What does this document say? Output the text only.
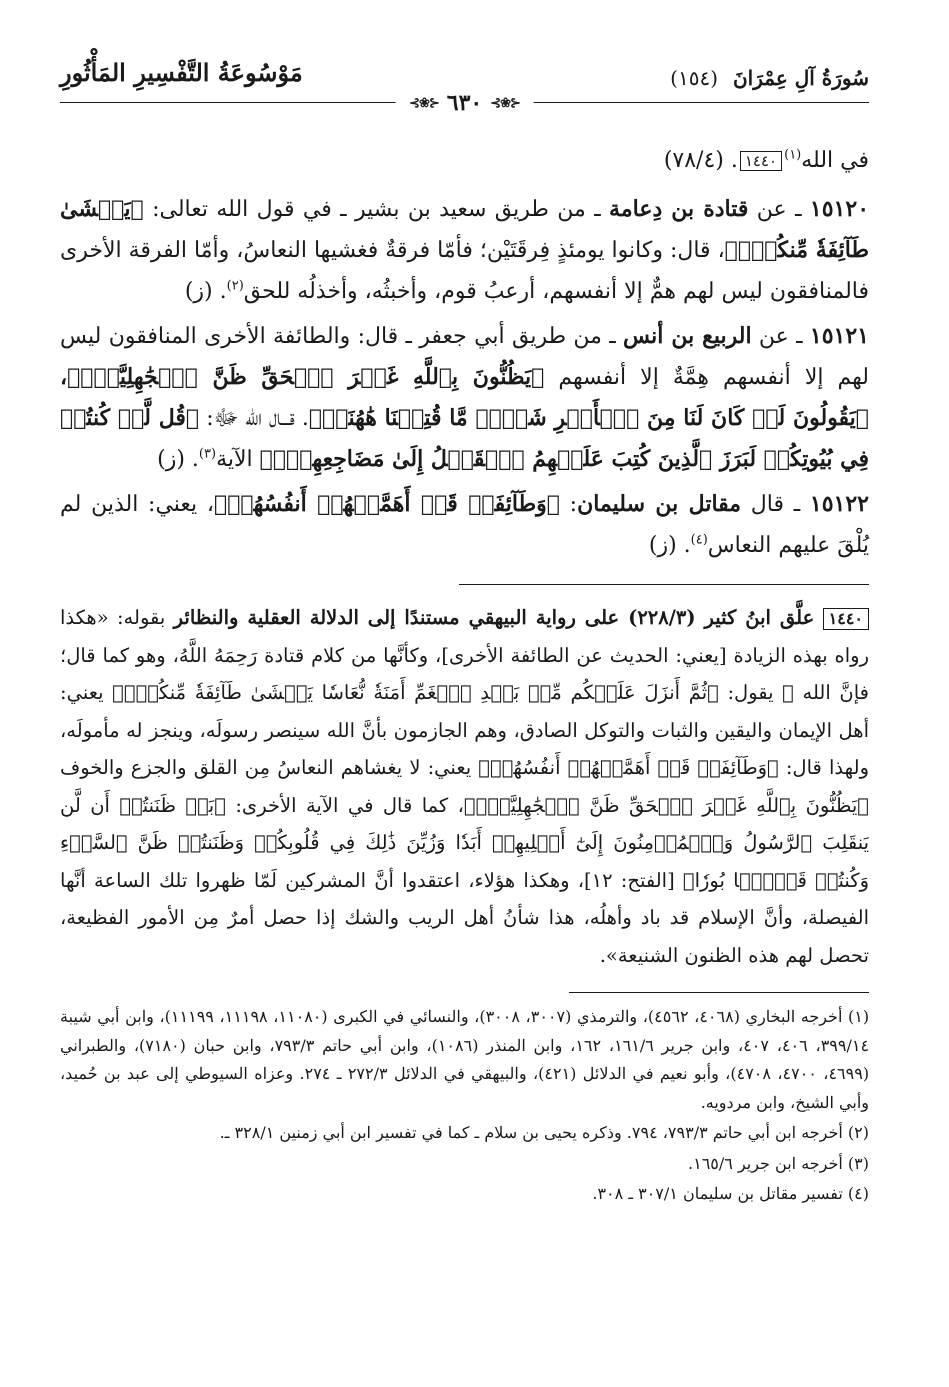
سُورَةُ آلِ عِمْرَانَ (١٥٤)
مَوْسُوعَةُ التَّفْسِيرِ المَأْثُورِ
⊰❀⊱
٦٣٠
⊰❀⊱

في الله$^{(١)}$١٤٤٠. (٧٨/٤)

١٥١٢٠ ـ عن قتادة بن دِعامة ـ من طريق سعيد بن بشير ـ في قول الله تعالى: ﴿يَغۡشَىٰ طَآئِفَةٗ مِّنكُمۡۖ﴾، قال: وكانوا يومئذٍ فِرقَتَيْن؛ فأمّا فرقةٌ فغشيها النعاسُ، وأمّا الفرقة الأخرى فالمنافقون ليس لهم همٌّ إلا أنفسهم، أرعبُ قوم، وأخبثُه، وأخذلُه للحق$^{(٢)}$. (ز)

١٥١٢١ ـ عن الربيع بن أنس ـ من طريق أبي جعفر ـ قال: والطائفة الأخرى المنافقون ليس لهم إلا أنفسهم هِمَّةٌ إلا أنفسهم ﴿يَظُنُّونَ بِٱللَّهِ غَيۡرَ ٱلۡحَقِّ ظَنَّ ٱلۡجَٰهِلِيَّةِۖ﴾، ﴿يَقُولُونَ لَوۡ كَانَ لَنَا مِنَ ٱلۡأَمۡرِ شَيۡءٞ مَّا قُتِلۡنَا هَٰهُنَاۗ﴾. قـــال الله ﷻ: ﴿قُل لَّوۡ كُنتُمۡ فِي بُيُوتِكُمۡ لَبَرَزَ ٱلَّذِينَ كُتِبَ عَلَيۡهِمُ ٱلۡقَتۡلُ إِلَىٰ مَضَاجِعِهِمۡۖ﴾ الآية$^{(٣)}$. (ز)

١٥١٢٢ ـ قال مقاتل بن سليمان: ﴿وَطَآئِفَةٞ قَدۡ أَهَمَّتۡهُمۡ أَنفُسُهُمۡ﴾، يعني: الذين لم يُلْقَ عليهم النعاس$^{(٤)}$. (ز)

١٤٤٠ علَّق ابنُ كثير (٢٢٨/٣) على رواية البيهقي مستندًا إلى الدلالة العقلية والنظائر بقوله: «هكذا رواه بهذه الزيادة [يعني: الحديث عن الطائفة الأخرى]، وكأنَّها من كلام قتادة رَحِمَهُ اللَّهُ، وهو كما قال؛ فإنَّ الله ﷻ يقول: ﴿ثُمَّ أَنزَلَ عَلَيۡكُم مِّنۢ بَعۡدِ ٱلۡغَمِّ أَمَنَةٗ نُّعَاسٗا يَغۡشَىٰ طَآئِفَةٗ مِّنكُمۡۖ﴾ يعني: أهل الإيمان واليقين والثبات والتوكل الصادق، وهم الجازمون بأنَّ الله سينصر رسولَه، وينجز له مأمولَه، ولهذا قال: ﴿وَطَآئِفَةٞ قَدۡ أَهَمَّتۡهُمۡ أَنفُسُهُمۡ﴾ يعني: لا يغشاهم النعاسُ مِن القلق والجزع والخوف ﴿يَظُنُّونَ بِٱللَّهِ غَيۡرَ ٱلۡحَقِّ ظَنَّ ٱلۡجَٰهِلِيَّةِۖ﴾، كما قال في الآية الأخرى: ﴿بَلۡ ظَنَنتُمۡ أَن لَّن يَنقَلِبَ ٱلرَّسُولُ وَٱلۡمُؤۡمِنُونَ إِلَىٰٓ أَهۡلِيهِمۡ أَبَدٗا وَزُيِّنَ ذَٰلِكَ فِي قُلُوبِكُمۡ وَظَنَنتُمۡ ظَنَّ ٱلسَّوۡءِ وَكُنتُمۡ قَوۡمَۢا بُورٗا﴾ [الفتح: ١٢]، وهكذا هؤلاء، اعتقدوا أنَّ المشركين لَمّا ظهروا تلك الساعة أنَّها الفيصلة، وأنَّ الإسلام قد باد وأهلُه، هذا شأنُ أهل الريب والشك إذا حصل أمرٌ مِن الأمور الفظيعة، تحصل لهم هذه الظنون الشنيعة».

(١) أخرجه البخاري (٤٠٦٨، ٤٥٦٢)، والترمذي (٣٠٠٧، ٣٠٠٨)، والنسائي في الكبرى (١١٠٨٠، ١١١٩٨، ١١١٩٩)، وابن أبي شيبة ٣٩٩/١٤، ٤٠٦، ٤٠٧، وابن جرير ١٦١/٦، ١٦٢، وابن المنذر (١٠٨٦)، وابن أبي حاتم ٧٩٣/٣، وابن حبان (٧١٨٠)، والطبراني (٤٦٩٩، ٤٧٠٠، ٤٧٠٨)، وأبو نعيم في الدلائل (٤٢١)، والبيهقي في الدلائل ٢٧٢/٣ ـ ٢٧٤. وعزاه السيوطي إلى عبد بن حُميد، وأبي الشيخ، وابن مردويه.

(٢) أخرجه ابن أبي حاتم ٧٩٣/٣، ٧٩٤. وذكره يحيى بن سلام ـ كما في تفسير ابن أبي زمنين ٣٢٨/١ ـ.

(٣) أخرجه ابن جرير ١٦٥/٦.

(٤) تفسير مقاتل بن سليمان ٣٠٧/١ ـ ٣٠٨.
